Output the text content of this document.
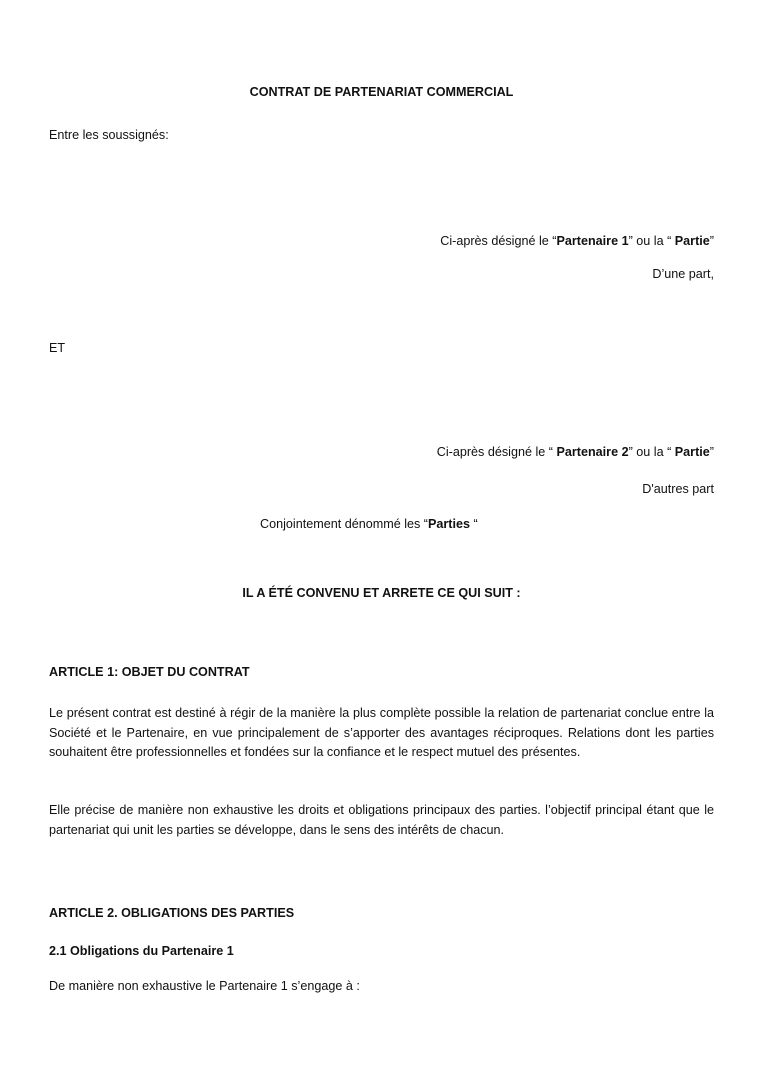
CONTRAT DE PARTENARIAT COMMERCIAL
Entre les soussignés:
Ci-après désigné le “Partenaire 1” ou la “ Partie”
D’une part,
ET
Ci-après désigné le “ Partenaire 2” ou la “ Partie”
D'autres part
Conjointement dénommé les “Parties “
IL A ÉTÉ CONVENU ET ARRETE CE QUI SUIT :
ARTICLE 1: OBJET DU CONTRAT
Le présent contrat est destiné à régir de la manière la plus complète possible la relation de partenariat conclue entre la Société et le Partenaire, en vue principalement de s’apporter des avantages réciproques. Relations dont les parties souhaitent être professionnelles et fondées sur la confiance et le respect mutuel des présentes.
Elle précise de manière non exhaustive les droits et obligations principaux des parties. l’objectif principal étant que le partenariat qui unit les parties se développe, dans le sens des intérêts de chacun.
ARTICLE 2. OBLIGATIONS DES PARTIES
2.1 Obligations du Partenaire 1
De manière non exhaustive le Partenaire 1 s’engage à :
